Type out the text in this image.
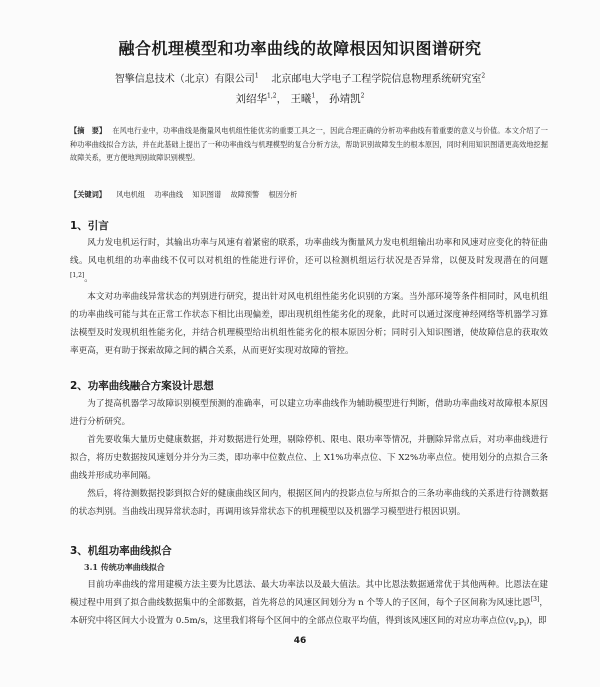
融合机理模型和功率曲线的故障根因知识图谱研究
智擎信息技术（北京）有限公司$^1$ 北京邮电大学电子工程学院信息物理系统研究室$^2$
刘绍华$^{1,2}$， 王曦$^1$， 孙靖凯$^2$
【摘　要】 在风电行业中，功率曲线是衡量风电机组性能优劣的重要工具之一，因此合理正确的分析功率曲线有着重要的意义与价值。本文介绍了一种功率曲线拟合方法，并在此基础上提出了一种功率曲线与机理模型的复合分析方法，帮助识别故障发生的根本原因，同时利用知识图谱更高效地挖掘故障关系，更方便地判别故障识别模型。
【关键词】 风电机组 功率曲线 知识图谱 故障预警 根因分析
1、引言
风力发电机运行时，其输出功率与风速有着紧密的联系，功率曲线为衡量风力发电机组输出功率和风速对应变化的特征曲线。风电机组的功率曲线不仅可以对机组的性能进行评价，还可以检测机组运行状况是否异常，以便及时发现潜在的问题[1,2]。
本文对功率曲线异常状态的判别进行研究，提出针对风电机组性能劣化识别的方案。当外部环境等条件相同时，风电机组的功率曲线可能与其在正常工作状态下相比出现偏差，即出现机组性能劣化的现象，此时可以通过深度神经网络等机器学习算法模型及时发现机组性能劣化，并结合机理模型给出机组性能劣化的根本原因分析；同时引入知识图谱，使故障信息的获取效率更高，更有助于探索故障之间的耦合关系，从而更好实现对故障的管控。
2、功率曲线融合方案设计思想
为了提高机器学习故障识别模型预测的准确率，可以建立功率曲线作为辅助模型进行判断，借助功率曲线对故障根本原因进行分析研究。
首先要收集大量历史健康数据，并对数据进行处理，剔除停机、限电、限功率等情况，并删除异常点后，对功率曲线进行拟合，将历史数据按风速划分并分为三类，即功率中位数点位、上 X1%功率点位、下 X2%功率点位。使用划分的点拟合三条曲线并形成功率间隔。
然后，将待测数据投影到拟合好的健康曲线区间内，根据区间内的投影点位与所拟合的三条功率曲线的关系进行待测数据的状态判别。当曲线出现异常状态时，再调用该异常状态下的机理模型以及机器学习模型进行根因识别。
3、机组功率曲线拟合
3.1 传统功率曲线拟合
目前功率曲线的常用建模方法主要为比恩法、最大功率法以及最大值法。其中比恩法数据通常优于其他两种。比恩法在建模过程中用到了拟合曲线数据集中的全部数据，首先将总的风速区间划分为 n 个等人的子区间，每个子区间称为风速比恩[3]，本研究中将区间大小设置为 0.5m/s，这里我们将每个区间中的全部点位取平均值，得到该风速区间的对应功率点位$(v_i,p_i)$，即
46
